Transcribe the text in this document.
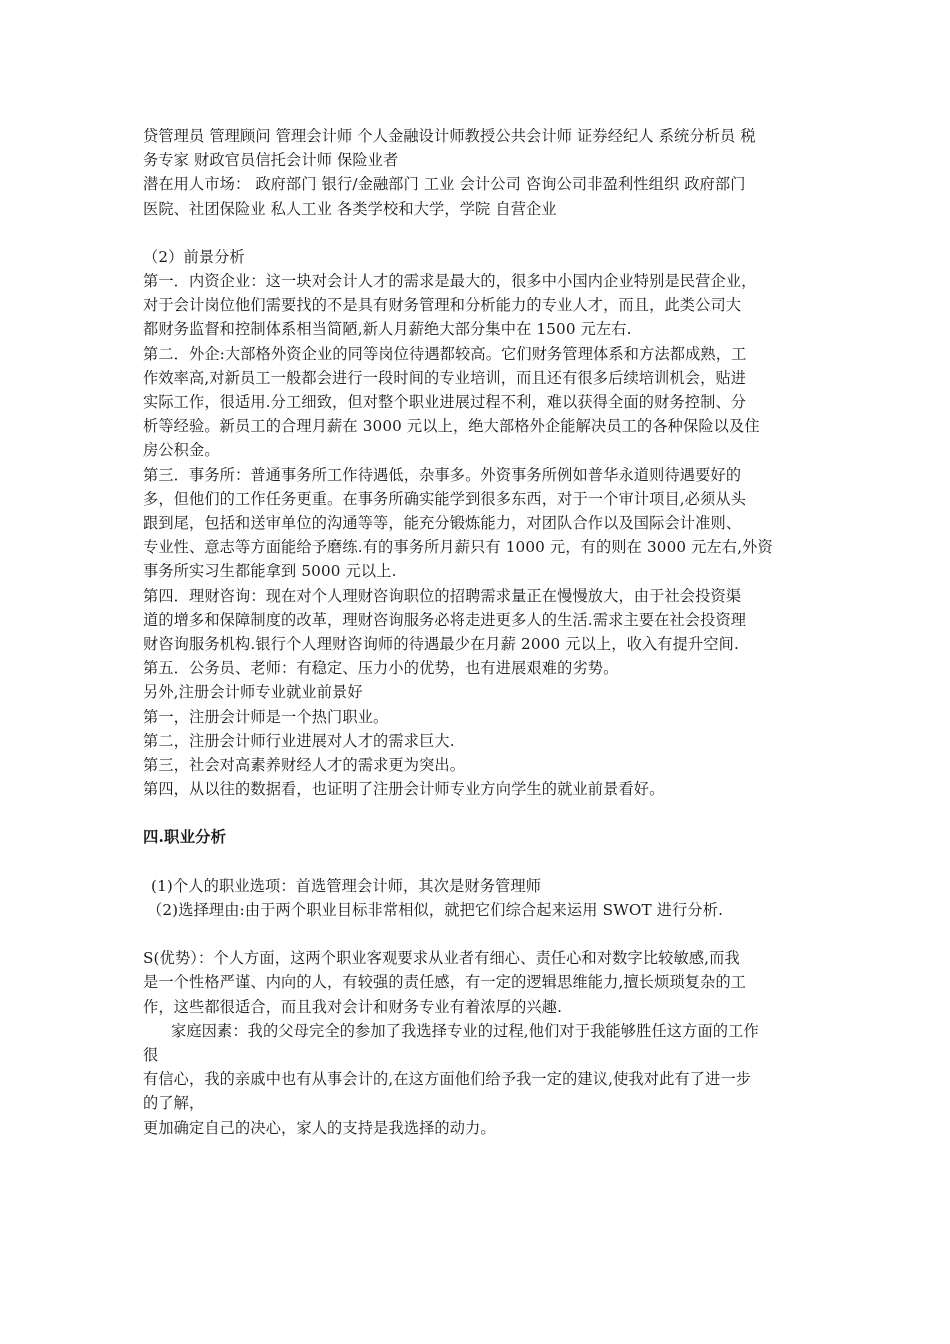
贷管理员 管理顾问 管理会计师 个人金融设计师教授公共会计师 证券经纪人 系统分析员 税
务专家 财政官员信托会计师 保险业者
潜在用人市场： 政府部门 银行/金融部门 工业 会计公司 咨询公司非盈利性组织 政府部门
医院、社团保险业 私人工业 各类学校和大学，学院 自营企业
（2）前景分析
第一．内资企业：这一块对会计人才的需求是最大的，很多中小国内企业特别是民营企业，
对于会计岗位他们需要找的不是具有财务管理和分析能力的专业人才，而且，此类公司大
都财务监督和控制体系相当简陋,新人月薪绝大部分集中在 1500 元左右.
第二．外企:大部格外资企业的同等岗位待遇都较高。它们财务管理体系和方法都成熟，工
作效率高,对新员工一般都会进行一段时间的专业培训，而且还有很多后续培训机会，贴进
实际工作，很适用.分工细致，但对整个职业进展过程不利，难以获得全面的财务控制、分
析等经验。新员工的合理月薪在 3000 元以上，绝大部格外企能解决员工的各种保险以及住
房公积金。
第三．事务所：普通事务所工作待遇低，杂事多。外资事务所例如普华永道则待遇要好的
多，但他们的工作任务更重。在事务所确实能学到很多东西，对于一个审计项目,必须从头
跟到尾，包括和送审单位的沟通等等，能充分锻炼能力，对团队合作以及国际会计准则、
专业性、意志等方面能给予磨练.有的事务所月薪只有 1000 元，有的则在 3000 元左右,外资
事务所实习生都能拿到 5000 元以上.
第四．理财咨询：现在对个人理财咨询职位的招聘需求量正在慢慢放大，由于社会投资渠
道的增多和保障制度的改革，理财咨询服务必将走进更多人的生活.需求主要在社会投资理
财咨询服务机构.银行个人理财咨询师的待遇最少在月薪 2000 元以上，收入有提升空间.
第五．公务员、老师：有稳定、压力小的优势，也有进展艰难的劣势。
另外,注册会计师专业就业前景好
第一，注册会计师是一个热门职业。
第二，注册会计师行业进展对人才的需求巨大.
第三，社会对高素养财经人才的需求更为突出。
第四，从以往的数据看，也证明了注册会计师专业方向学生的就业前景看好。
四.职业分析
(1)个人的职业选项：首选管理会计师，其次是财务管理师
（2)选择理由:由于两个职业目标非常相似，就把它们综合起来运用 SWOT 进行分析.
S(优势）：个人方面，这两个职业客观要求从业者有细心、责任心和对数字比较敏感,而我
是一个性格严谨、内向的人，有较强的责任感，有一定的逻辑思维能力,擅长烦琐复杂的工
作，这些都很适合，而且我对会计和财务专业有着浓厚的兴趣.
家庭因素：我的父母完全的参加了我选择专业的过程,他们对于我能够胜任这方面的工作
很
有信心，我的亲戚中也有从事会计的,在这方面他们给予我一定的建议,使我对此有了进一步
的了解，
更加确定自己的决心，家人的支持是我选择的动力。
